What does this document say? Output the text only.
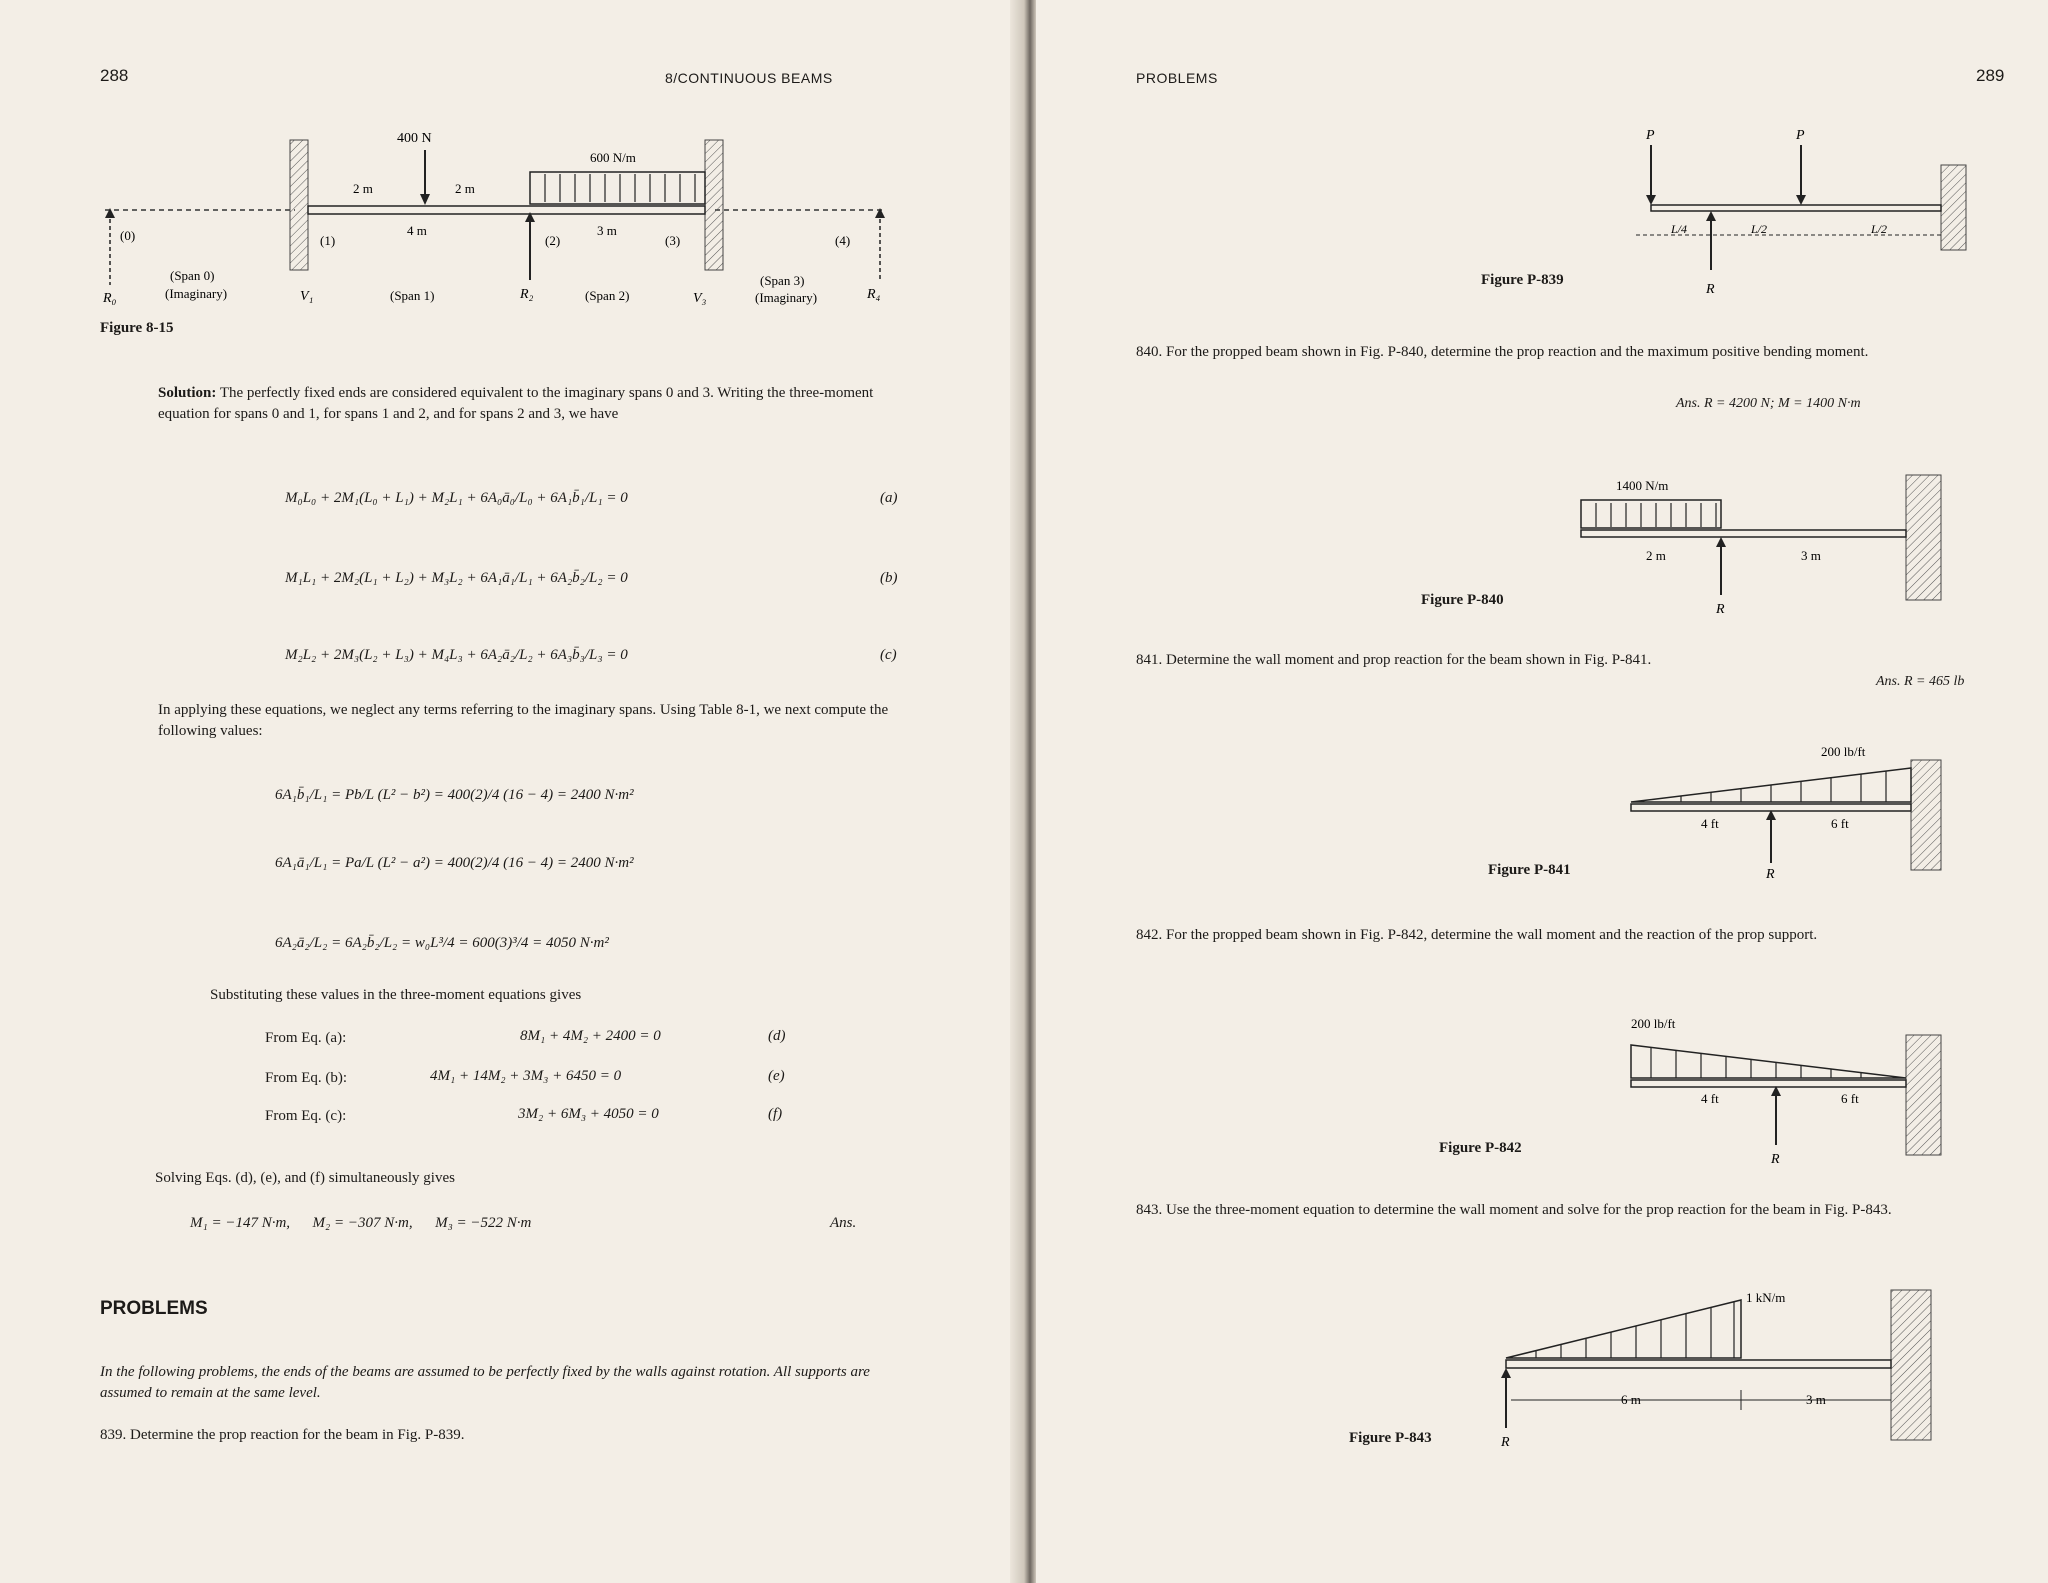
288	8/CONTINUOUS BEAMS
400 N
600 N/m
2 m	2 m
4 m	3 m
(0)	(1)	(2)	(3)	(4)
(Span 0)
(Imaginary)	(Span 1)	(Span 2)
(Span 3)
(Imaginary)
R₀	V₁	R₂	V₃	R₄
Figure 8-15
Solution: The perfectly fixed ends are considered equivalent to the imaginary spans 0 and 3. Writing the three-moment equation for spans 0 and 1, for spans 1 and 2, and for spans 2 and 3, we have
M₀L₀ + 2M₁(L₀ + L₁) + M₂L₁ + 6A₀ā₀/L₀ + 6A₁b̄₁/L₁ = 0	(a)
M₁L₁ + 2M₂(L₁ + L₂) + M₃L₂ + 6A₁ā₁/L₁ + 6A₂b̄₂/L₂ = 0	(b)
M₂L₂ + 2M₃(L₂ + L₃) + M₄L₃ + 6A₂ā₂/L₂ + 6A₃b̄₃/L₃ = 0	(c)
In applying these equations, we neglect any terms referring to the imaginary spans. Using Table 8-1, we next compute the following values:
6A₁b̄₁/L₁ = Pb/L (L² − b²) = 400(2)/4 (16 − 4) = 2400 N·m²
6A₁ā₁/L₁ = Pa/L (L² − a²) = 400(2)/4 (16 − 4) = 2400 N·m²
6A₂ā₂/L₂ = 6A₂b̄₂/L₂ = w₀L³/4 = 600(3)³/4 = 4050 N·m²
Substituting these values in the three-moment equations gives
From Eq. (a):	8M₁ + 4M₂ + 2400 = 0	(d)
From Eq. (b):	4M₁ + 14M₂ + 3M₃ + 6450 = 0	(e)
From Eq. (c):	3M₂ + 6M₃ + 4050 = 0	(f)
Solving Eqs. (d), (e), and (f) simultaneously gives
M₁ = −147 N·m,      M₂ = −307 N·m,      M₃ = −522 N·m	Ans.
PROBLEMS
In the following problems, the ends of the beams are assumed to be perfectly fixed by the walls against rotation. All supports are assumed to remain at the same level.
839. Determine the prop reaction for the beam in Fig. P-839.
PROBLEMS	289
P	P
L/4	L/2	L/2
R
Figure P-839
840. For the propped beam shown in Fig. P-840, determine the prop reaction and the maximum positive bending moment.
Ans. R = 4200 N; M = 1400 N·m
1400 N/m
2 m	3 m
R
Figure P-840
841. Determine the wall moment and prop reaction for the beam shown in Fig. P-841.
Ans. R = 465 lb
200 lb/ft
4 ft	6 ft
R
Figure P-841
842. For the propped beam shown in Fig. P-842, determine the wall moment and the reaction of the prop support.
200 lb/ft
4 ft	6 ft
R
Figure P-842
843. Use the three-moment equation to determine the wall moment and solve for the prop reaction for the beam in Fig. P-843.
1 kN/m
6 m	3 m
R
Figure P-843
